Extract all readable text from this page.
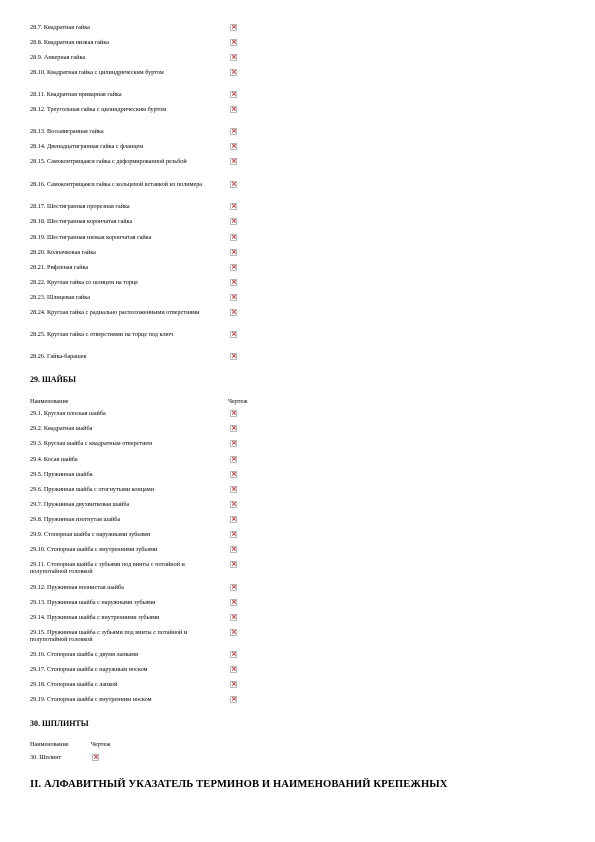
28.7. Квадратная гайка
×
28.8. Квадратная низкая гайка
×
28.9. Анкерная гайка
×
28.10. Квадратная гайка с цилиндрическим буртом
×
28.11. Квадратная приварная гайка
×
28.12. Треугольная гайка с цилиндрическим буртом
×
28.13. Восьмигранная гайка
×
28.14. Двенадцатигранная гайка с фланцем
×
28.15. Самоконтрящаяся гайка с деформированной резьбой
×
28.16. Самоконтрящаяся гайка с кольцевой вставкой из полимера
×
28.17. Шестигранная прорезная гайка
×
28.18. Шестигранная корончатая гайка
×
28.19. Шестигранная низкая корончатая гайка
×
28.20. Колпачковая гайка
×
28.21. Рифленая гайка
×
28.22. Круглая гайка со шлицем на торце
×
28.23. Шлицевая гайка
×
28.24. Круглая гайка с радиально расположенными отверстиями
×
28.25. Круглая гайка с отверстиями на торце под ключ
×
28.26. Гайка-барашек
×
29. ШАЙБЫ
Наименование	Чертеж
29.1. Круглая плоская шайба
×
29.2. Квадратная шайба
×
29.3. Круглая шайба с квадратным отверстием
×
29.4. Косая шайба
×
29.5. Пружинная шайба
×
29.6. Пружинная шайба с отогнутыми концами
×
29.7. Пружинная двухвитковая шайба
×
29.8. Пружинная изогнутая шайба
×
29.9. Стопорная шайба с наружными зубьями
×
29.10. Стопорная шайба с внутренними зубьями
×
29.11. Стопорная шайба с зубьями под винты с потайной и полупотайной головкой
×
29.12. Пружинная волнистая шайба
×
29.13. Пружинная шайба с наружными зубьями
×
29.14. Пружинная шайба с внутренними зубьями
×
29.15. Пружинная шайба с зубьями под винты с потайной и полупотайной головкой
×
29.16. Стопорная шайба с двумя лапками
×
29.17. Стопорная шайба с наружным носком
×
29.18. Стопорная шайба с лапкой
×
29.19. Стопорная шайба с внутренним носком
×
30. ШПЛИНТЫ
Наименование	Чертеж
30. Шплинт
×
II. АЛФАВИТНЫЙ УКАЗАТЕЛЬ ТЕРМИНОВ И НАИМЕНОВАНИЙ КРЕПЕЖНЫХ
